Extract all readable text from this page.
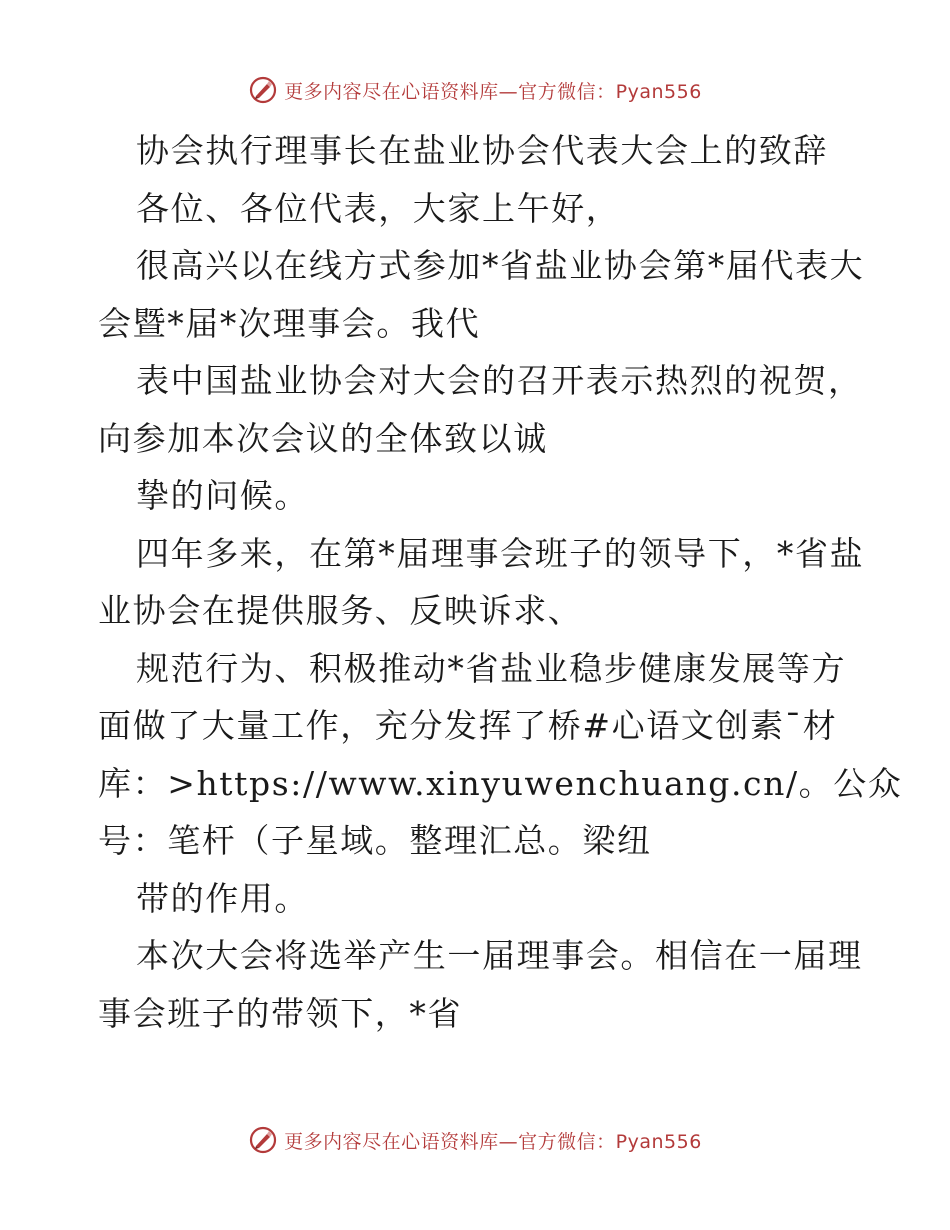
更多内容尽在心语资料库—官方微信：Pyan556
协会执行理事长在盐业协会代表大会上的致辞
各位、各位代表，大家上午好，
很高兴以在线方式参加*省盐业协会第*届代表大
会暨*届*次理事会。我代
表中国盐业协会对大会的召开表示热烈的祝贺，
向参加本次会议的全体致以诚
挚的问候。
四年多来，在第*届理事会班子的领导下，*省盐
业协会在提供服务、反映诉求、
规范行为、积极推动*省盐业稳步健康发展等方
面做了大量工作，充分发挥了桥#心语文创素¯材
库：>https://www.xinyuwenchuang.cn/。公众
号：笔杆（子星域。整理汇总。梁纽
带的作用。
本次大会将选举产生一届理事会。相信在一届理
事会班子的带领下，*省
更多内容尽在心语资料库—官方微信：Pyan556
